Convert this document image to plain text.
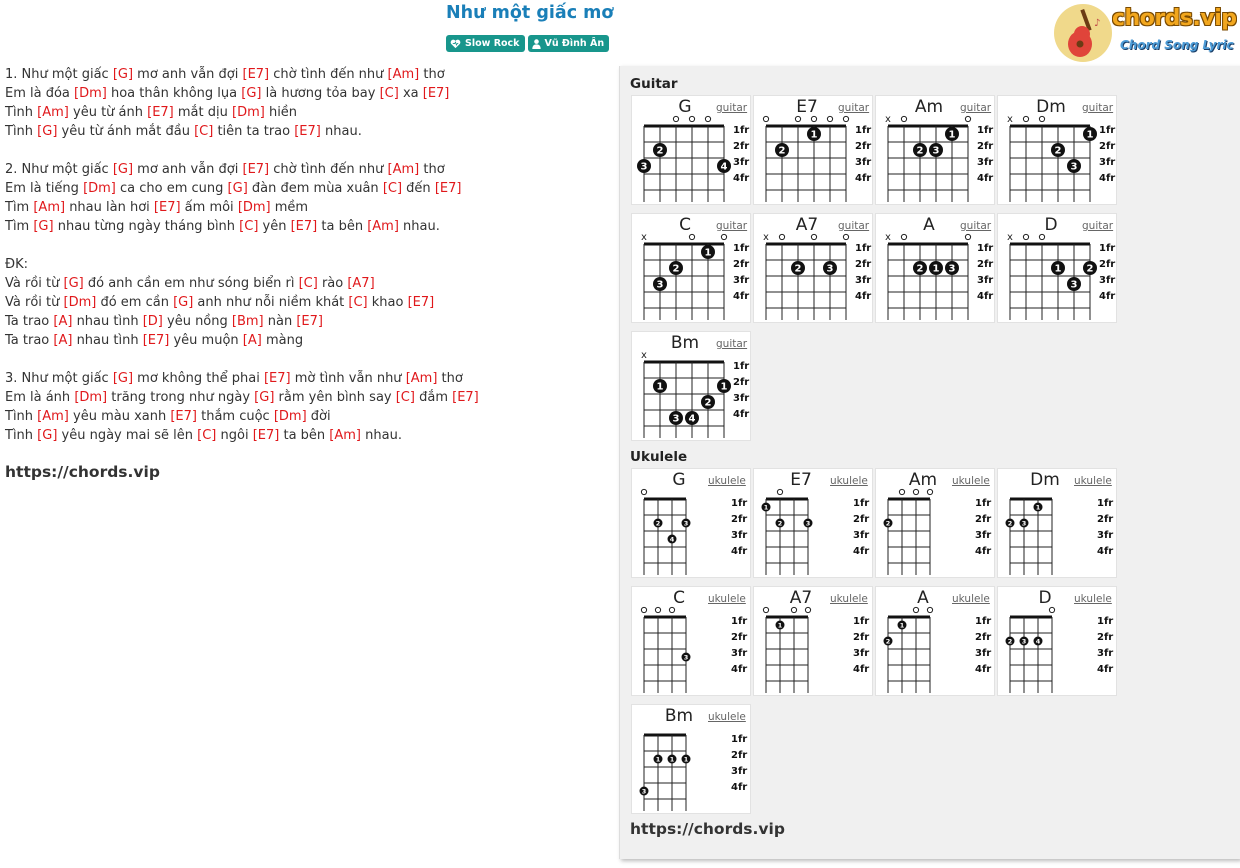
Như một giấc mơ
Slow Rock	Vũ Đình Ân
♪ chords.vip
Chord Song Lyric
1. Như một giấc [G] mơ anh vẫn đợi [E7] chờ tình đến như [Am] thơ
Em là đóa [Dm] hoa thân không lụa [G] là hương tỏa bay [C] xa [E7]
Tình [Am] yêu từ ánh [E7] mắt dịu [Dm] hiền
Tình [G] yêu từ ánh mắt đầu [C] tiên ta trao [E7] nhau.
2. Như một giấc [G] mơ anh vẫn đợi [E7] chờ tình đến như [Am] thơ
Em là tiếng [Dm] ca cho em cung [G] đàn đem mùa xuân [C] đến [E7]
Tìm [Am] nhau làn hơi [E7] ấm môi [Dm] mềm
Tìm [G] nhau từng ngày tháng bình [C] yên [E7] ta bên [Am] nhau.
ĐK:
Và rồi từ [G] đó anh cần em như sóng biển rì [C] rào [A7]
Và rồi từ [Dm] đó em cần [G] anh như nỗi niềm khát [C] khao [E7]
Ta trao [A] nhau tình [D] yêu nồng [Bm] nàn [E7]
Ta trao [A] nhau tình [E7] yêu muộn [A] màng
3. Như một giấc [G] mơ không thể phai [E7] mờ tình vẫn như [Am] thơ
Em là ánh [Dm] trăng trong như ngày [G] rằm yên bình say [C] đắm [E7]
Tình [Am] yêu màu xanh [E7] thắm cuộc [Dm] đời
Tình [G] yêu ngày mai sẽ lên [C] ngôi [E7] ta bên [Am] nhau.
https://chords.vip
Guitar
Ukulele
1fr
2fr
3fr
4fr
3
2
4
G	guitar
1fr
2fr
3fr
4fr
2
1
E7	guitar
x
1fr
2fr
3fr
4fr
2 3
1
Am	guitar
x
1fr
2fr
3fr
4fr
2
3
1
Dm	guitar
x
1fr
2fr
3fr
4fr
3
2
1
C	guitar
x
1fr
2fr
3fr
4fr
2	3
A7	guitar
x
1fr
2fr
3fr
4fr
2 1 3
A	guitar
x
1fr
2fr
3fr
4fr
1
3
2
D	guitar
x
1fr
2fr
3fr
4fr
1
3 4
2
1
Bm	guitar
1fr
2fr
3fr
4fr
2
4
3
G	ukulele
1fr
2fr
3fr
4fr
1
2	3
E7	ukulele
1fr
2fr
3fr
4fr
2
Am	ukulele
1fr
2fr
3fr
4fr
2 3
1
Dm	ukulele
1fr
2fr
3fr
4fr
3
C	ukulele
1fr
2fr
3fr
4fr
1
A7	ukulele
1fr
2fr
3fr
4fr
2
1
A	ukulele
1fr
2fr
3fr
4fr
2 3 4
D	ukulele
1fr
2fr
3fr
4fr
3
1 1 1
Bm	ukulele
https://chords.vip
